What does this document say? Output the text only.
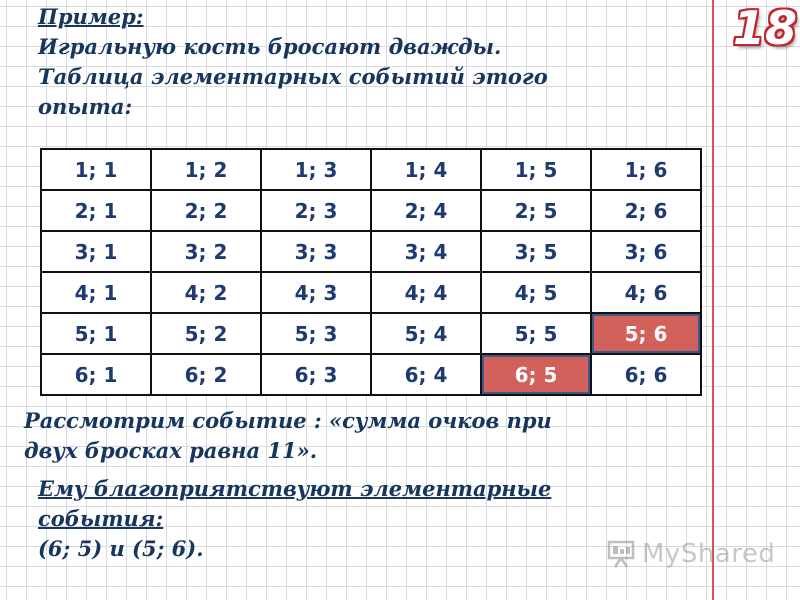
18
Пример:
Игральную кость бросают дважды.
Таблица элементарных событий этого
опыта:
1; 1	1; 2	1; 3	1; 4	1; 5	1; 6
2; 1	2; 2	2; 3	2; 4	2; 5	2; 6
3; 1	3; 2	3; 3	3; 4	3; 5	3; 6
4; 1	4; 2	4; 3	4; 4	4; 5	4; 6
5; 1	5; 2	5; 3	5; 4	5; 5	5; 6
6; 1	6; 2	6; 3	6; 4	6; 5	6; 6
Рассмотрим событие : «сумма очков при
двух бросках равна 11».
Ему благоприятствуют элементарные
события:
(6; 5) и (5; 6).	MyShared
